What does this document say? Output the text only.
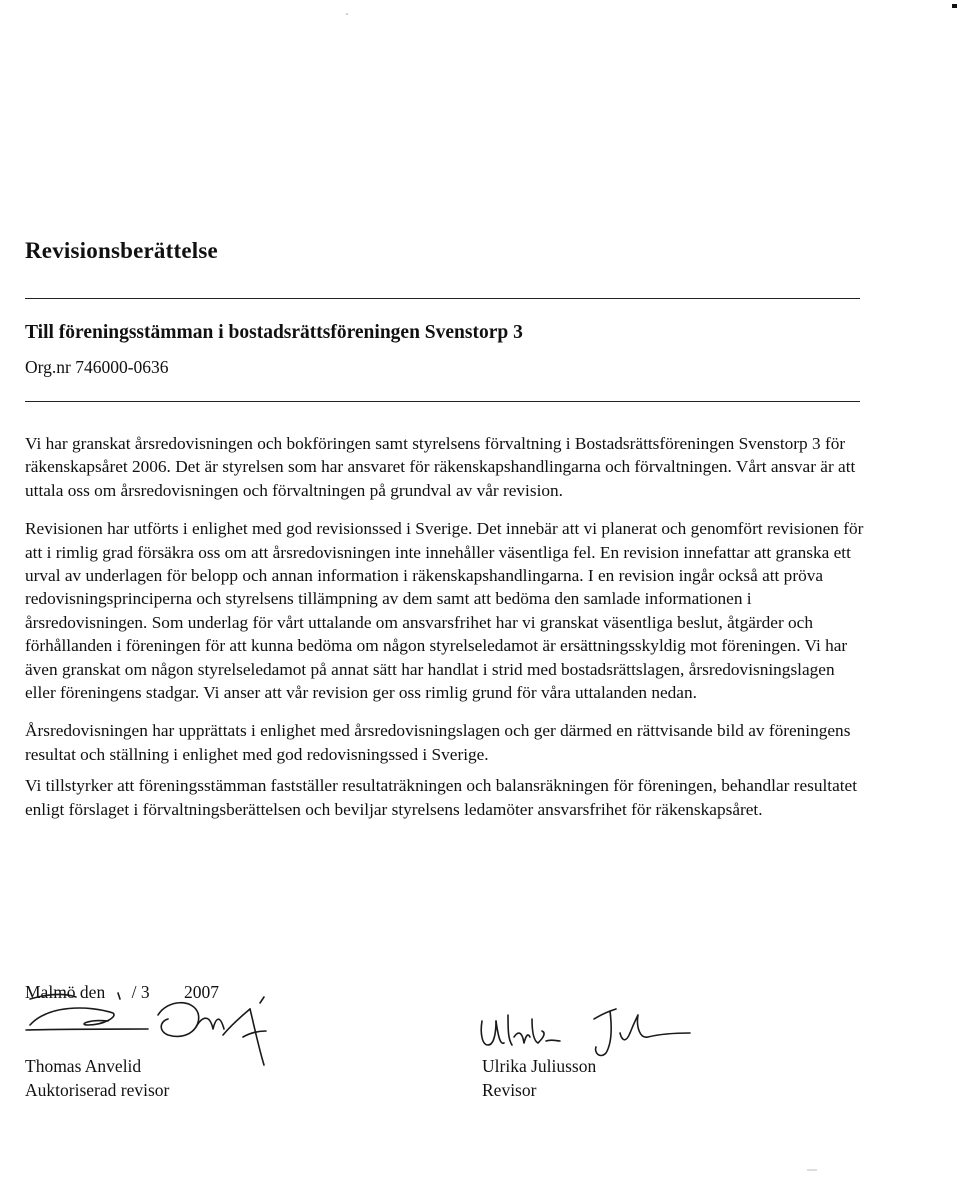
Revisionsberättelse
Till föreningsstämman i bostadsrättsföreningen Svenstorp 3
Org.nr 746000-0636

Vi har granskat årsredovisningen och bokföringen samt styrelsens förvaltning i Bostadsrättsföreningen Svenstorp 3 för räkenskapsåret 2006. Det är styrelsen som har ansvaret för räkenskapshandlingarna och förvaltningen. Vårt ansvar är att uttala oss om årsredovisningen och förvaltningen på grundval av vår revision.

Revisionen har utförts i enlighet med god revisionssed i Sverige. Det innebär att vi planerat och genomfört revisionen för att i rimlig grad försäkra oss om att årsredovisningen inte innehåller väsentliga fel. En revision innefattar att granska ett urval av underlagen för belopp och annan information i räkenskapshandlingarna. I en revision ingår också att pröva redovisningsprinciperna och styrelsens tillämpning av dem samt att bedöma den samlade informationen i årsredovisningen. Som underlag för vårt uttalande om ansvarsfrihet har vi granskat väsentliga beslut, åtgärder och förhållanden i föreningen för att kunna bedöma om någon styrelseledamot är ersättningsskyldig mot föreningen. Vi har även granskat om någon styrelseledamot på annat sätt har handlat i strid med bostadsrättslagen, årsredovisningslagen eller föreningens stadgar. Vi anser att vår revision ger oss rimlig grund för våra uttalanden nedan.

Årsredovisningen har upprättats i enlighet med årsredovisningslagen och ger därmed en rättvisande bild av föreningens resultat och ställning i enlighet med god redovisningssed i Sverige.

Vi tillstyrker att föreningsstämman fastställer resultaträkningen och balansräkningen för föreningen, behandlar resultatet enligt förslaget i förvaltningsberättelsen och beviljar styrelsens ledamöter ansvarsfrihet för räkenskapsåret.

Malmö den / 3 2007
Thomas Anvelid
Auktoriserad revisor
Ulrika Juliusson
Revisor
